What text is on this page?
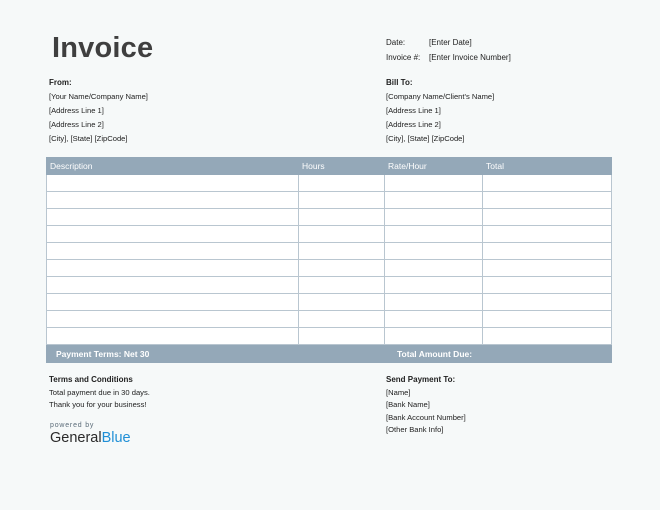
Invoice	Date:	[Enter Date]
Invoice #:	[Enter Invoice Number]
From:
[Your Name/Company Name]
[Address Line 1]
[Address Line 2]
[City], [State] [ZipCode]
Bill To:
[Company Name/Client's Name]
[Address Line 1]
[Address Line 2]
[City], [State] [ZipCode]
Description	Hours	Rate/Hour	Total
Payment Terms: Net 30	Total Amount Due:
Terms and Conditions
Total payment due in 30 days.
Thank you for your business!
Send Payment To:
[Name]
[Bank Name]
[Bank Account Number]
[Other Bank Info]
powered by
GeneralBlue
